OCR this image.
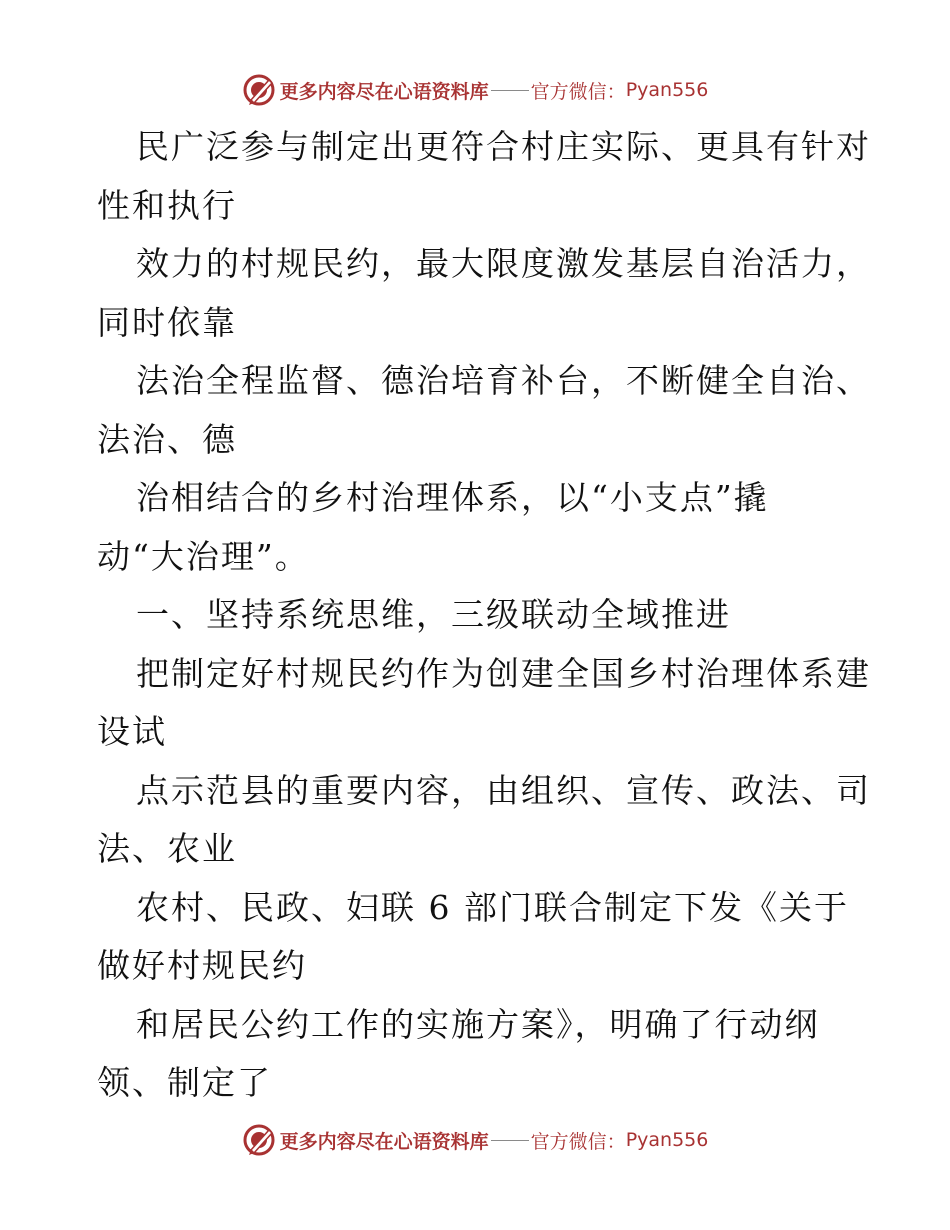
更多内容尽在心语资料库 官方微信： Pyan556
民广泛参与制定出更符合村庄实际、更具有针对
性和执行
效力的村规民约，最大限度激发基层自治活力，
同时依靠
法治全程监督、德治培育补台，不断健全自治、
法治、德
治相结合的乡村治理体系，以“小支点”撬
动“大治理”。
一、坚持系统思维，三级联动全域推进
把制定好村规民约作为创建全国乡村治理体系建
设试
点示范县的重要内容，由组织、宣传、政法、司
法、农业
农村、民政、妇联 6 部门联合制定下发《关于
做好村规民约
和居民公约工作的实施方案》，明确了行动纲
领、制定了
更多内容尽在心语资料库 官方微信： Pyan556
